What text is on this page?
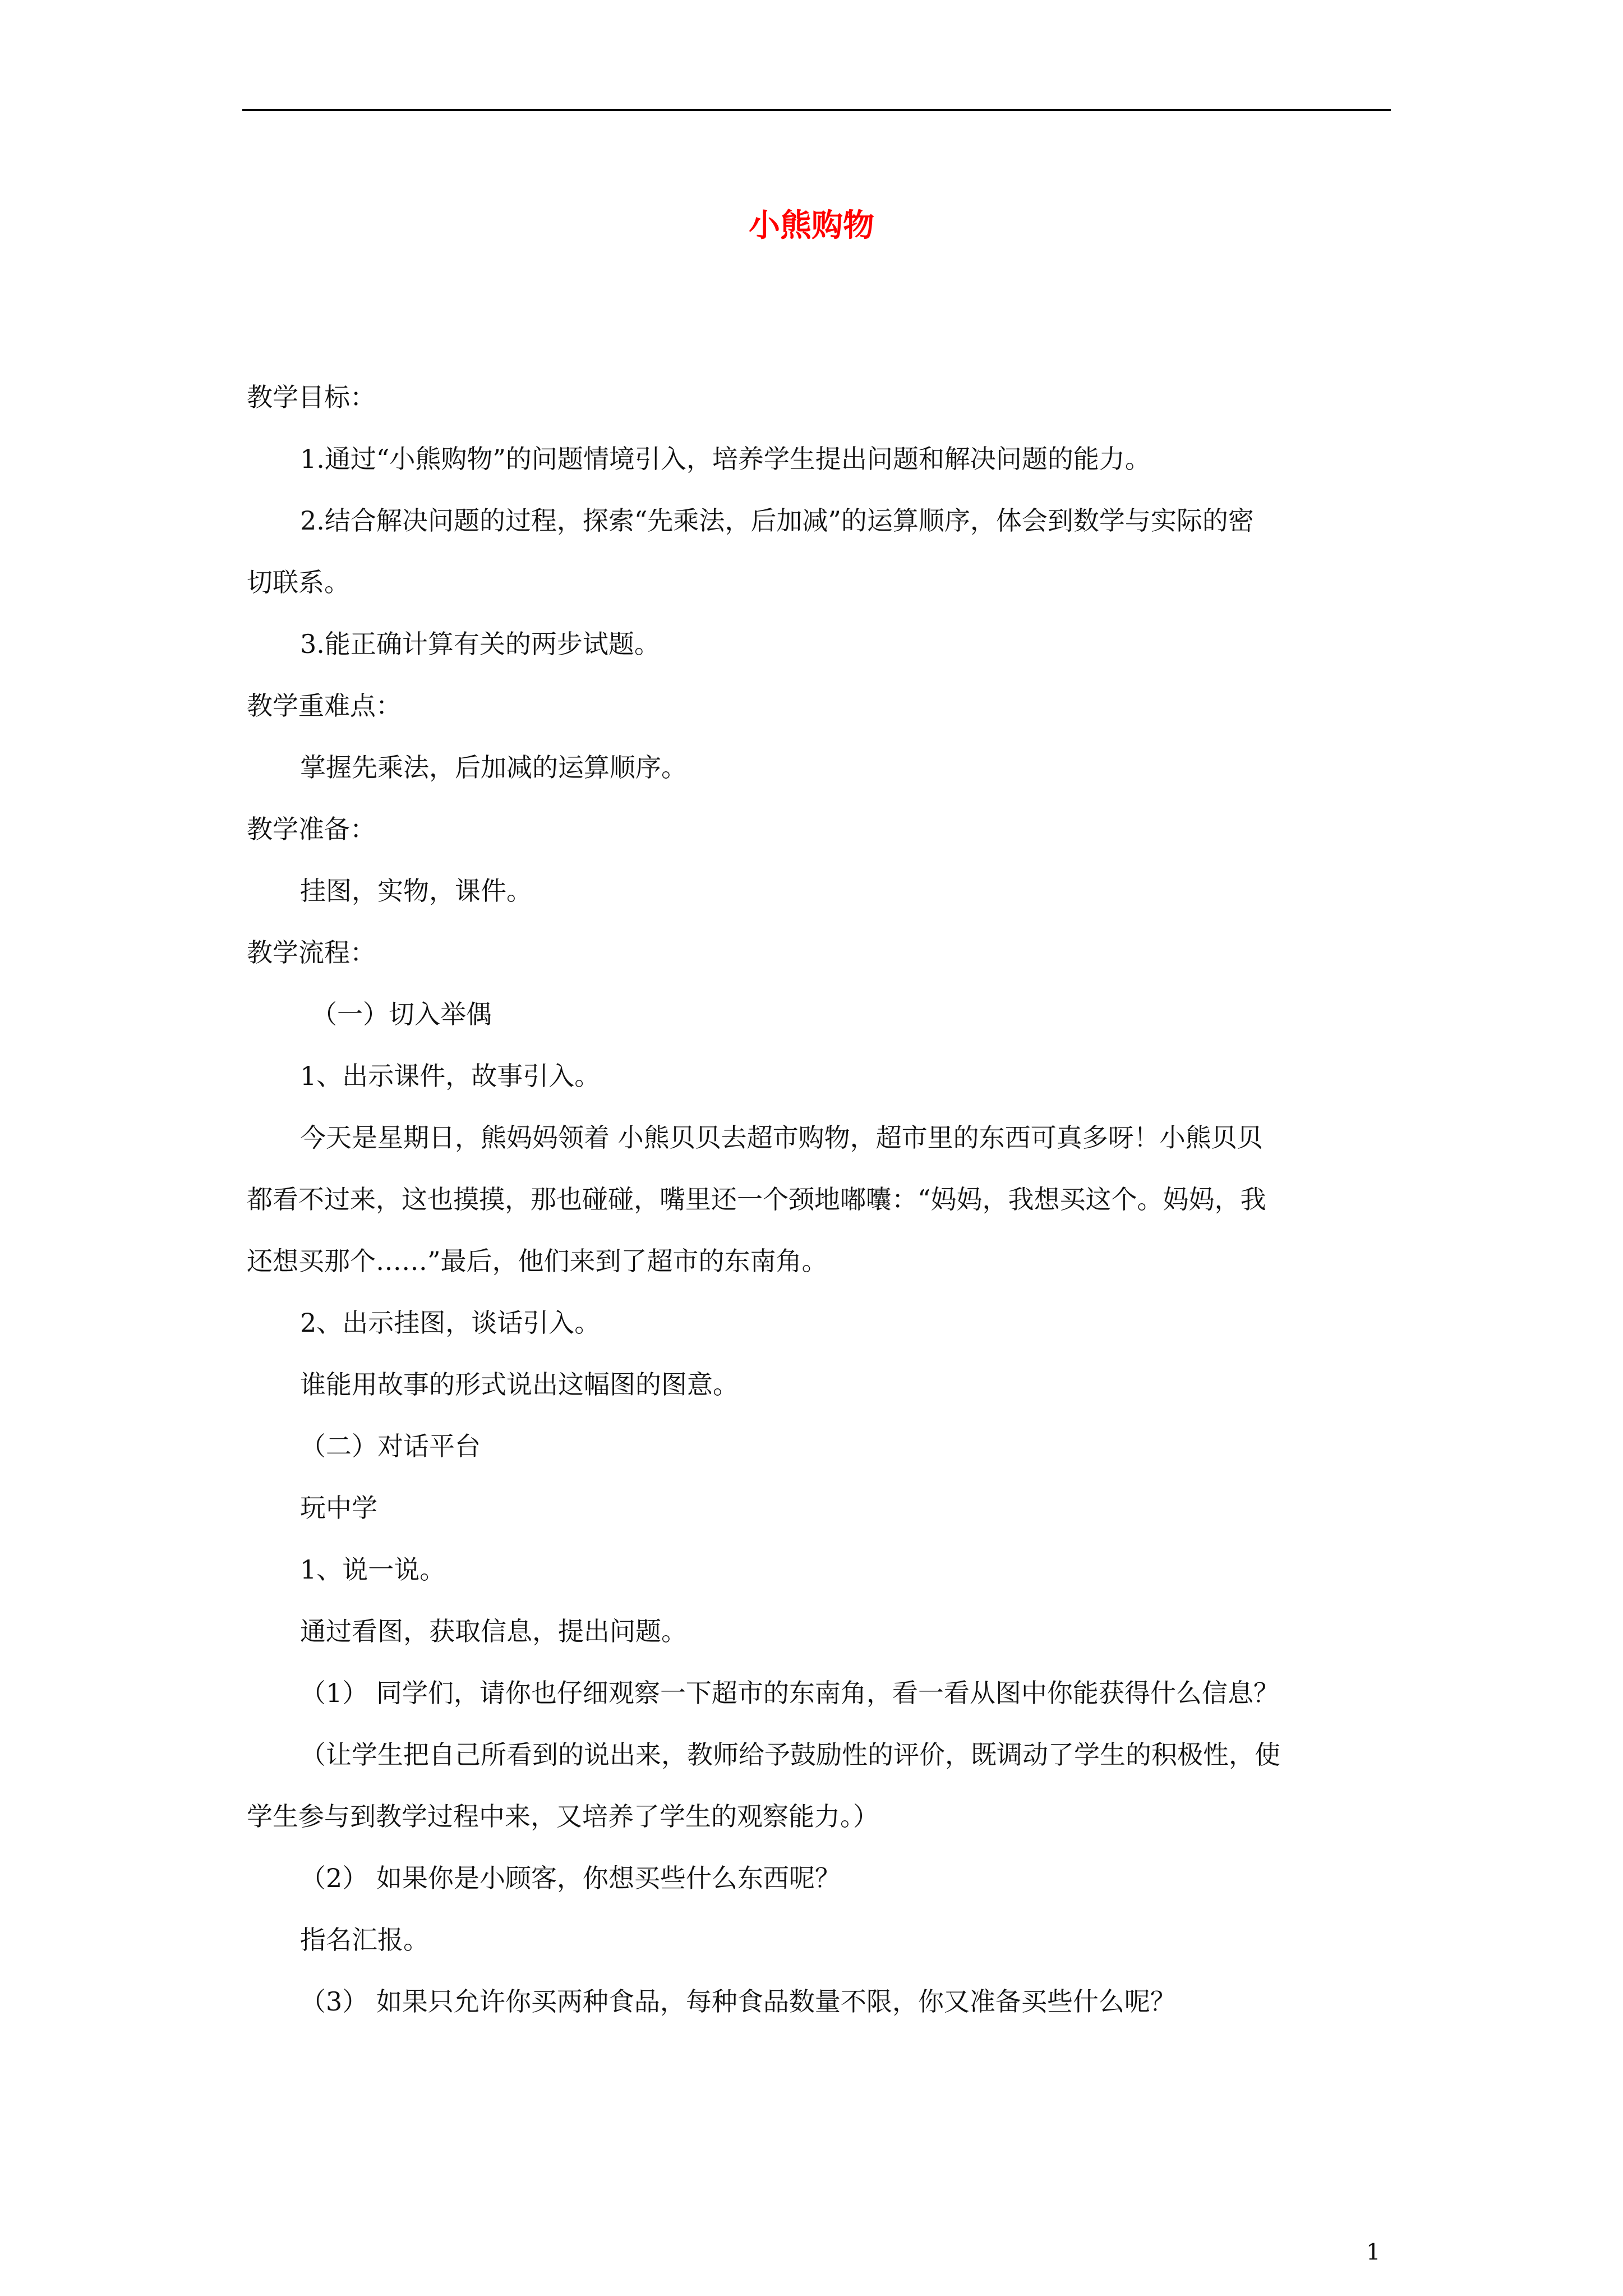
小熊购物

教学目标：

1.通过“小熊购物”的问题情境引入，培养学生提出问题和解决问题的能力。

2.结合解决问题的过程，探索“先乘法，后加减”的运算顺序，体会到数学与实际的密

切联系。

3.能正确计算有关的两步试题。

教学重难点：

掌握先乘法，后加减的运算顺序。

教学准备：

挂图，实物，课件。

教学流程：

（一）切入举偶

1、出示课件，故事引入。

今天是星期日，熊妈妈领着 小熊贝贝去超市购物，超市里的东西可真多呀！小熊贝贝

都看不过来，这也摸摸，那也碰碰，嘴里还一个颈地嘟囔：“妈妈，我想买这个。妈妈，我

还想买那个……”最后，他们来到了超市的东南角。

2、出示挂图，谈话引入。

谁能用故事的形式说出这幅图的图意。

（二）对话平台

玩中学

1、说一说。

通过看图，获取信息，提出问题。

（1） 同学们，请你也仔细观察一下超市的东南角，看一看从图中你能获得什么信息？

（让学生把自己所看到的说出来，教师给予鼓励性的评价，既调动了学生的积极性，使

学生参与到教学过程中来，又培养了学生的观察能力。）

（2） 如果你是小顾客，你想买些什么东西呢？

指名汇报。

（3） 如果只允许你买两种食品，每种食品数量不限，你又准备买些什么呢？

1
